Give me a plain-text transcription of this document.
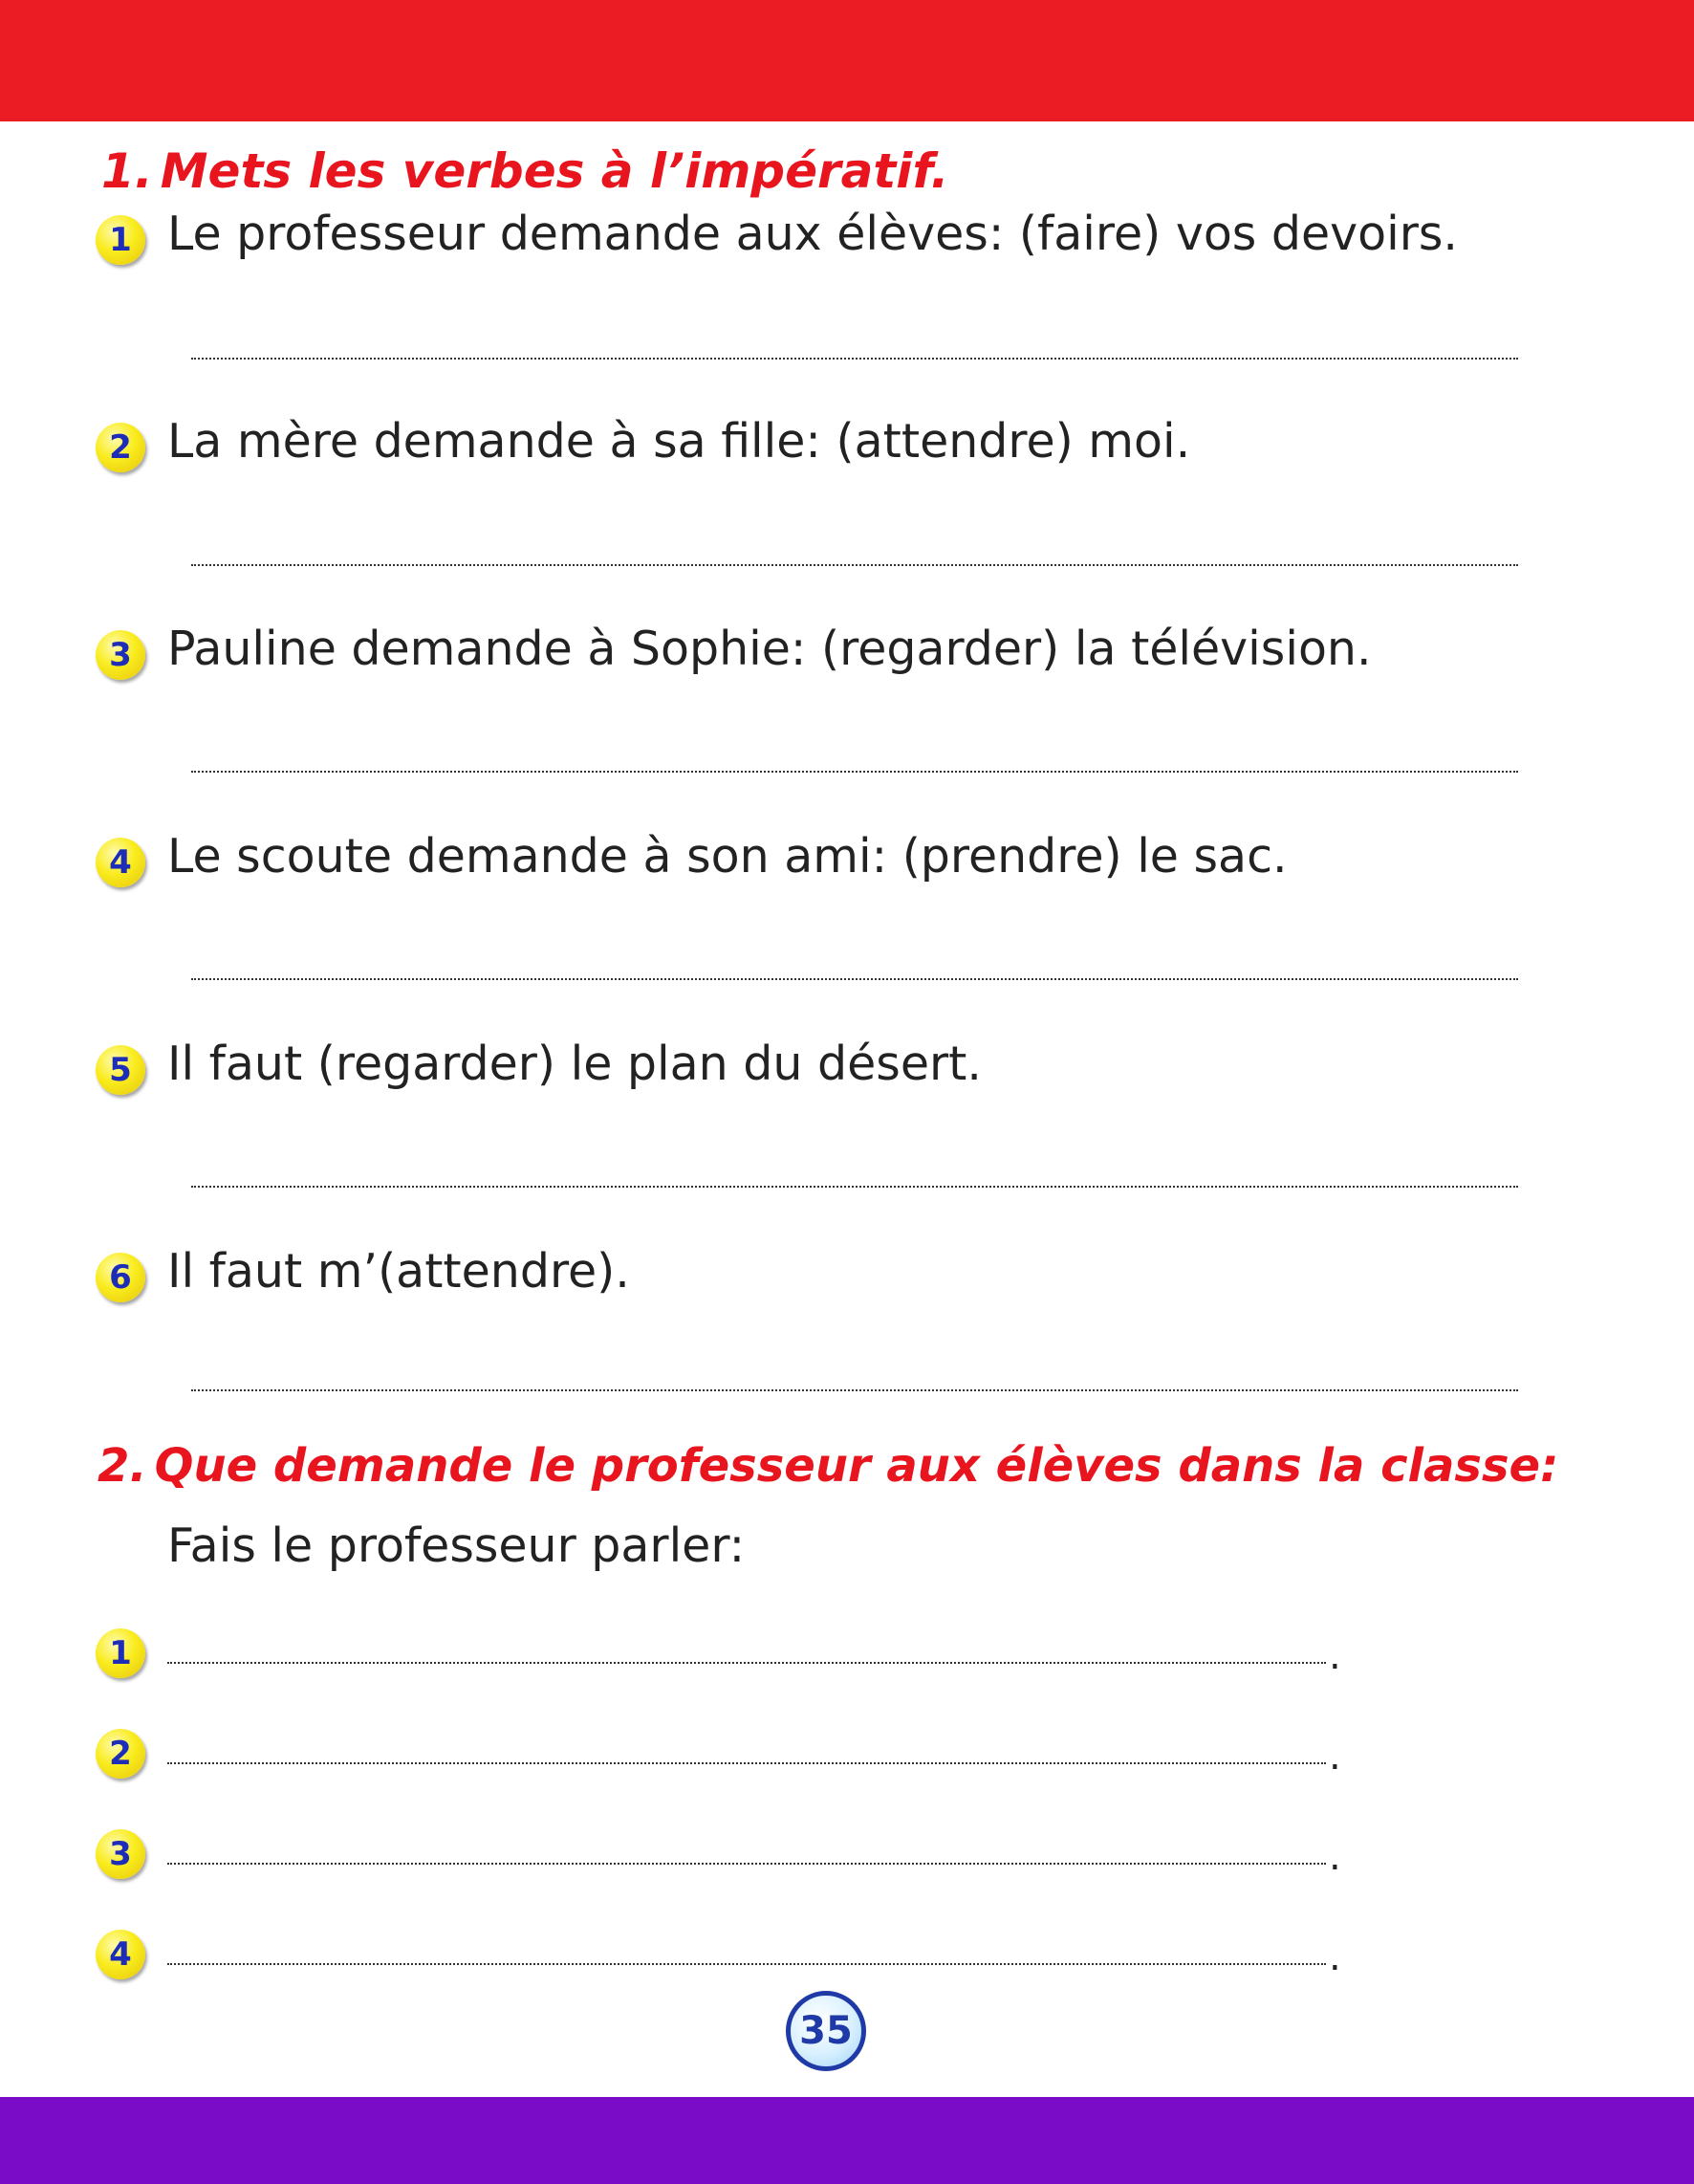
1. Mets les verbes à l’impératif.
1 Le professeur demande aux élèves: (faire) vos devoirs.

2 La mère demande à sa fille: (attendre) moi.

3 Pauline demande à Sophie: (regarder) la télévision.

4 Le scoute demande à son ami: (prendre) le sac.

5 Il faut (regarder) le plan du désert.

6 Il faut m’(attendre).

2. Que demande le professeur aux élèves dans la classe:

Fais le professeur parler:

1	.
2	.
3	.
4	.
35
